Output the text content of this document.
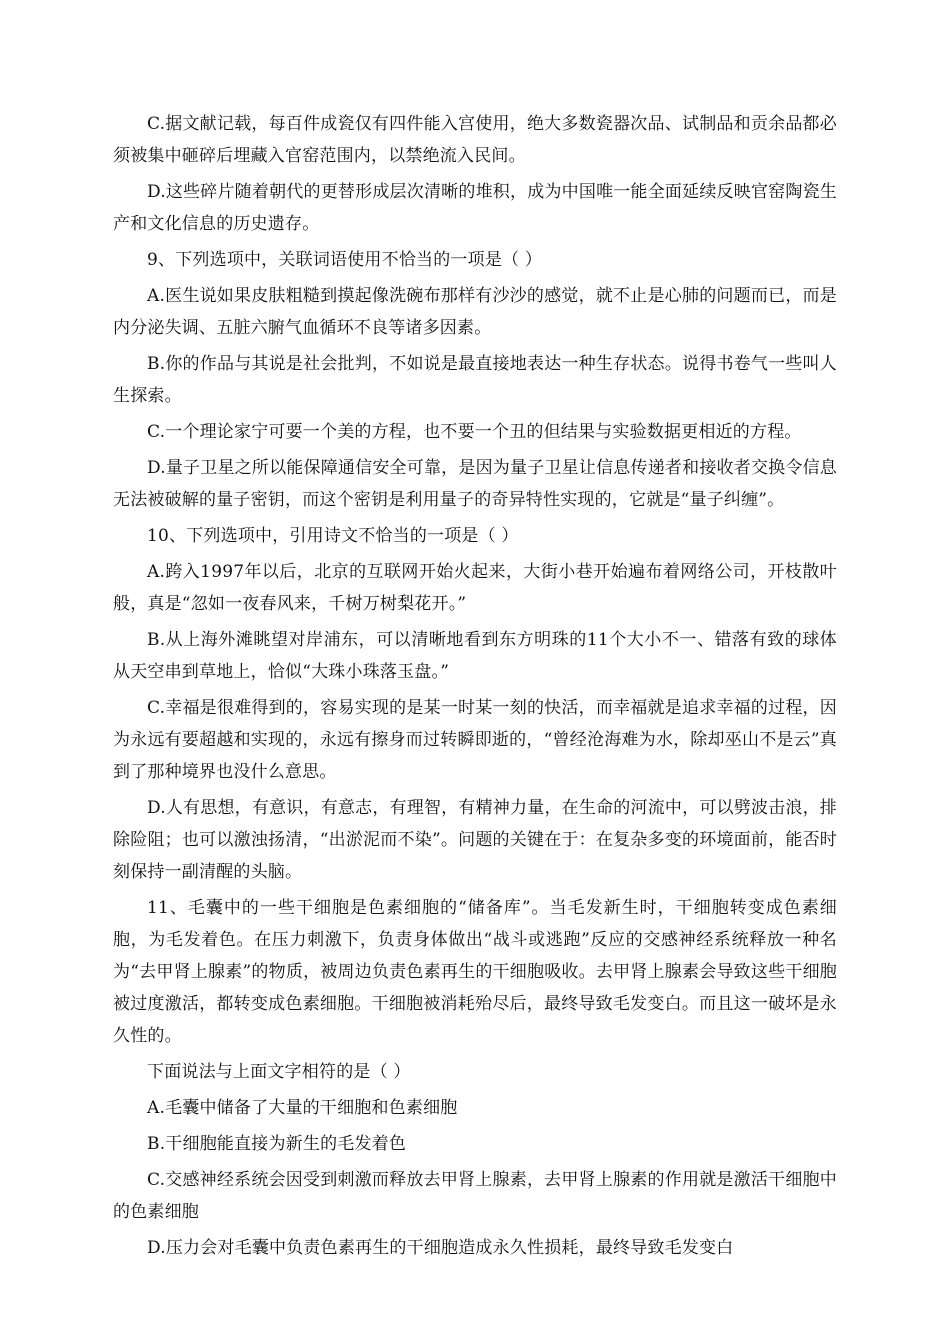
C.据文献记载，每百件成瓷仅有四件能入宫使用，绝大多数瓷器次品、试制品和贡余品都必须被集中砸碎后埋藏入官窑范围内，以禁绝流入民间。

D.这些碎片随着朝代的更替形成层次清晰的堆积，成为中国唯一能全面延续反映官窑陶瓷生产和文化信息的历史遗存。

9、下列选项中，关联词语使用不恰当的一项是（ ）

A.医生说如果皮肤粗糙到摸起像洗碗布那样有沙沙的感觉，就不止是心肺的问题而已，而是内分泌失调、五脏六腑气血循环不良等诸多因素。

B.你的作品与其说是社会批判，不如说是最直接地表达一种生存状态。说得书卷气一些叫人生探索。

C.一个理论家宁可要一个美的方程，也不要一个丑的但结果与实验数据更相近的方程。

D.量子卫星之所以能保障通信安全可靠，是因为量子卫星让信息传递者和接收者交换令信息无法被破解的量子密钥，而这个密钥是利用量子的奇异特性实现的，它就是“量子纠缠”。

10、下列选项中，引用诗文不恰当的一项是（ ）

A.跨入1997年以后，北京的互联网开始火起来，大街小巷开始遍布着网络公司，开枝散叶般，真是“忽如一夜春风来，千树万树梨花开。”

B.从上海外滩眺望对岸浦东，可以清晰地看到东方明珠的11个大小不一、错落有致的球体从天空串到草地上，恰似“大珠小珠落玉盘。”

C.幸福是很难得到的，容易实现的是某一时某一刻的快活，而幸福就是追求幸福的过程，因为永远有要超越和实现的，永远有擦身而过转瞬即逝的，“曾经沧海难为水，除却巫山不是云”真到了那种境界也没什么意思。

D.人有思想，有意识，有意志，有理智，有精神力量，在生命的河流中，可以劈波击浪，排除险阻；也可以激浊扬清，“出淤泥而不染”。问题的关键在于：在复杂多变的环境面前，能否时刻保持一副清醒的头脑。

11、毛囊中的一些干细胞是色素细胞的“储备库”。当毛发新生时，干细胞转变成色素细胞，为毛发着色。在压力刺激下，负责身体做出“战斗或逃跑”反应的交感神经系统释放一种名为“去甲肾上腺素”的物质，被周边负责色素再生的干细胞吸收。去甲肾上腺素会导致这些干细胞被过度激活，都转变成色素细胞。干细胞被消耗殆尽后，最终导致毛发变白。而且这一破坏是永久性的。

下面说法与上面文字相符的是（ ）

A.毛囊中储备了大量的干细胞和色素细胞

B.干细胞能直接为新生的毛发着色

C.交感神经系统会因受到刺激而释放去甲肾上腺素，去甲肾上腺素的作用就是激活干细胞中的色素细胞

D.压力会对毛囊中负责色素再生的干细胞造成永久性损耗，最终导致毛发变白
